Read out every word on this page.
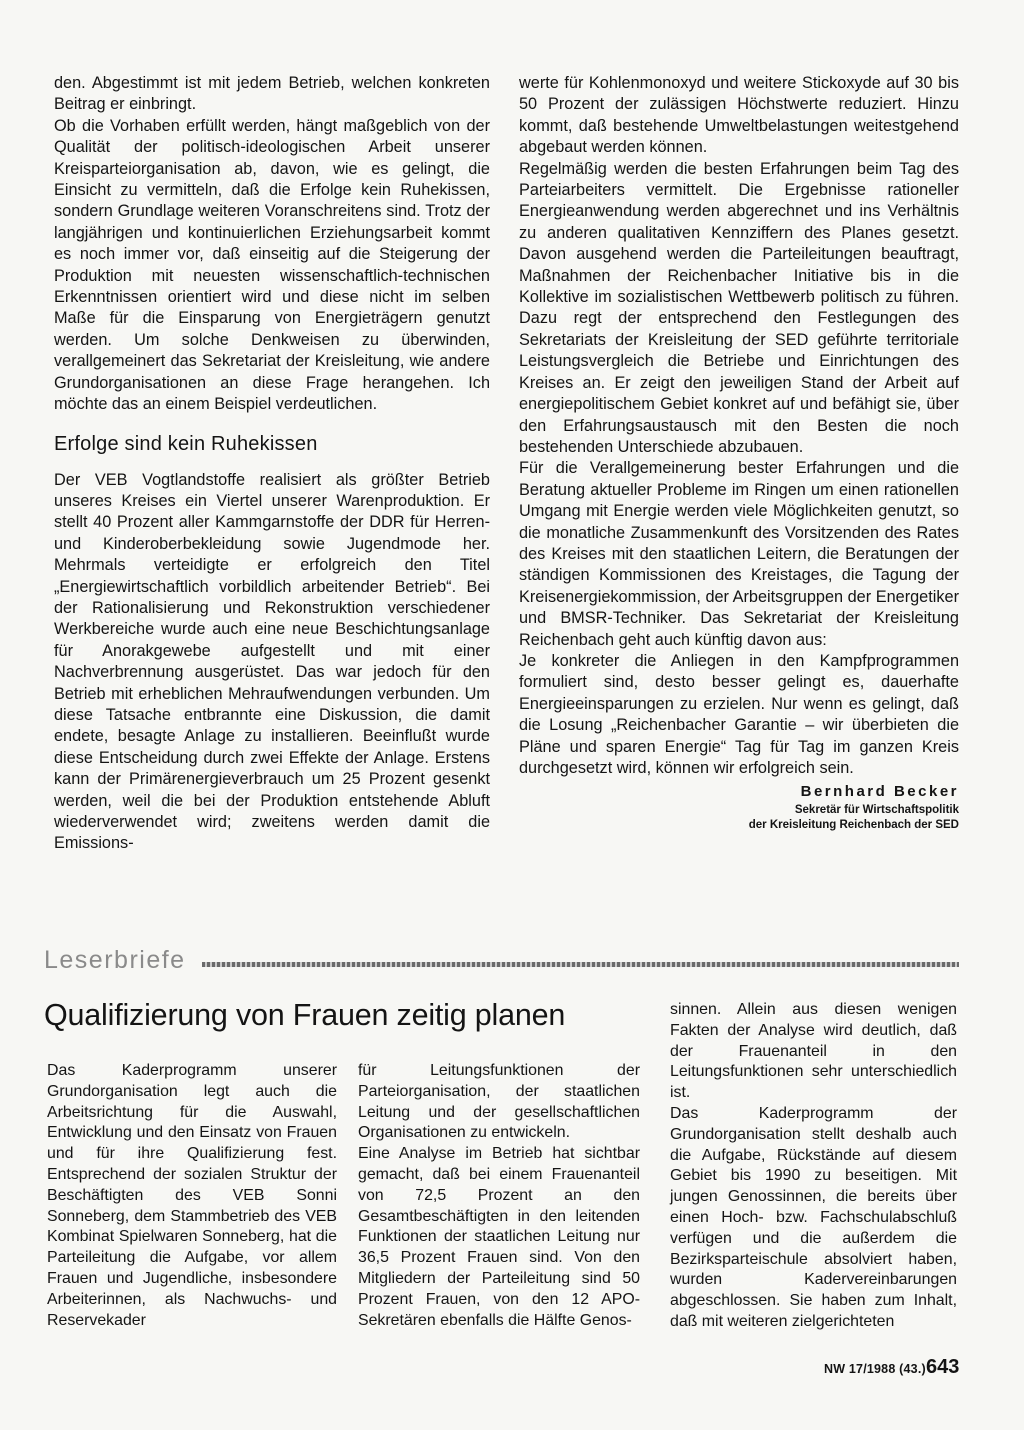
den. Abgestimmt ist mit jedem Betrieb, welchen konkreten Beitrag er einbringt.

Ob die Vorhaben erfüllt werden, hängt maßgeblich von der Qualität der politisch-ideologischen Arbeit unserer Kreisparteiorganisation ab, davon, wie es gelingt, die Einsicht zu vermitteln, daß die Erfolge kein Ruhekissen, sondern Grundlage weiteren Voranschreitens sind. Trotz der langjährigen und kontinuierlichen Erziehungsarbeit kommt es noch immer vor, daß einseitig auf die Steigerung der Produktion mit neuesten wissenschaftlich-technischen Erkenntnissen orientiert wird und diese nicht im selben Maße für die Einsparung von Energieträgern genutzt werden. Um solche Denkweisen zu überwinden, verallgemeinert das Sekretariat der Kreisleitung, wie andere Grundorganisationen an diese Frage herangehen. Ich möchte das an einem Beispiel verdeutlichen.

Erfolge sind kein Ruhekissen

Der VEB Vogtlandstoffe realisiert als größter Betrieb unseres Kreises ein Viertel unserer Warenproduktion. Er stellt 40 Prozent aller Kammgarnstoffe der DDR für Herren- und Kinderoberbekleidung sowie Jugendmode her. Mehrmals verteidigte er erfolgreich den Titel „Energiewirtschaftlich vorbildlich arbeitender Betrieb“. Bei der Rationalisierung und Rekonstruktion verschiedener Werkbereiche wurde auch eine neue Beschichtungsanlage für Anorakgewebe aufgestellt und mit einer Nachverbrennung ausgerüstet. Das war jedoch für den Betrieb mit erheblichen Mehraufwendungen verbunden. Um diese Tatsache entbrannte eine Diskussion, die damit endete, besagte Anlage zu installieren. Beeinflußt wurde diese Entscheidung durch zwei Effekte der Anlage. Erstens kann der Primärenergieverbrauch um 25 Prozent gesenkt werden, weil die bei der Produktion entstehende Abluft wiederverwendet wird; zweitens werden damit die Emissions-

werte für Kohlenmonoxyd und weitere Stickoxyde auf 30 bis 50 Prozent der zulässigen Höchstwerte reduziert. Hinzu kommt, daß bestehende Umweltbelastungen weitestgehend abgebaut werden können.

Regelmäßig werden die besten Erfahrungen beim Tag des Parteiarbeiters vermittelt. Die Ergebnisse rationeller Energieanwendung werden abgerechnet und ins Verhältnis zu anderen qualitativen Kennziffern des Planes gesetzt. Davon ausgehend werden die Parteileitungen beauftragt, Maßnahmen der Reichenbacher Initiative bis in die Kollektive im sozialistischen Wettbewerb politisch zu führen. Dazu regt der entsprechend den Festlegungen des Sekretariats der Kreisleitung der SED geführte territoriale Leistungsvergleich die Betriebe und Einrichtungen des Kreises an. Er zeigt den jeweiligen Stand der Arbeit auf energiepolitischem Gebiet konkret auf und befähigt sie, über den Erfahrungsaustausch mit den Besten die noch bestehenden Unterschiede abzubauen.

Für die Verallgemeinerung bester Erfahrungen und die Beratung aktueller Probleme im Ringen um einen rationellen Umgang mit Energie werden viele Möglichkeiten genutzt, so die monatliche Zusammenkunft des Vorsitzenden des Rates des Kreises mit den staatlichen Leitern, die Beratungen der ständigen Kommissionen des Kreistages, die Tagung der Kreisenergiekommission, der Arbeitsgruppen der Energetiker und BMSR-Techniker. Das Sekretariat der Kreisleitung Reichenbach geht auch künftig davon aus:

Je konkreter die Anliegen in den Kampfprogrammen formuliert sind, desto besser gelingt es, dauerhafte Energieeinsparungen zu erzielen. Nur wenn es gelingt, daß die Losung „Reichenbacher Garantie – wir überbieten die Pläne und sparen Energie“ Tag für Tag im ganzen Kreis durchgesetzt wird, können wir erfolgreich sein.

Bernhard Becker
Sekretär für Wirtschaftspolitik
der Kreisleitung Reichenbach der SED
Leserbriefe
Qualifizierung von Frauen zeitig planen

Das Kaderprogramm unserer Grundorganisation legt auch die Arbeitsrichtung für die Auswahl, Entwicklung und den Einsatz von Frauen und für ihre Qualifizierung fest. Entsprechend der sozialen Struktur der Beschäftigten des VEB Sonni Sonneberg, dem Stammbetrieb des VEB Kombinat Spielwaren Sonneberg, hat die Parteileitung die Aufgabe, vor allem Frauen und Jugendliche, insbesondere Arbeiterinnen, als Nachwuchs- und Reservekader

für Leitungsfunktionen der Parteiorganisation, der staatlichen Leitung und der gesellschaftlichen Organisationen zu entwickeln.

Eine Analyse im Betrieb hat sichtbar gemacht, daß bei einem Frauenanteil von 72,5 Prozent an den Gesamtbeschäftigten in den leitenden Funktionen der staatlichen Leitung nur 36,5 Prozent Frauen sind. Von den Mitgliedern der Parteileitung sind 50 Prozent Frauen, von den 12 APO-Sekretären ebenfalls die Hälfte Genos-

sinnen. Allein aus diesen wenigen Fakten der Analyse wird deutlich, daß der Frauenanteil in den Leitungsfunktionen sehr unterschiedlich ist.

Das Kaderprogramm der Grundorganisation stellt deshalb auch die Aufgabe, Rückstände auf diesem Gebiet bis 1990 zu beseitigen. Mit jungen Genossinnen, die bereits über einen Hoch- bzw. Fachschulabschluß verfügen und die außerdem die Bezirksparteischule absolviert haben, wurden Kadervereinbarungen abgeschlossen. Sie haben zum Inhalt, daß mit weiteren zielgerichteten

NW 17/1988 (43.) 643
